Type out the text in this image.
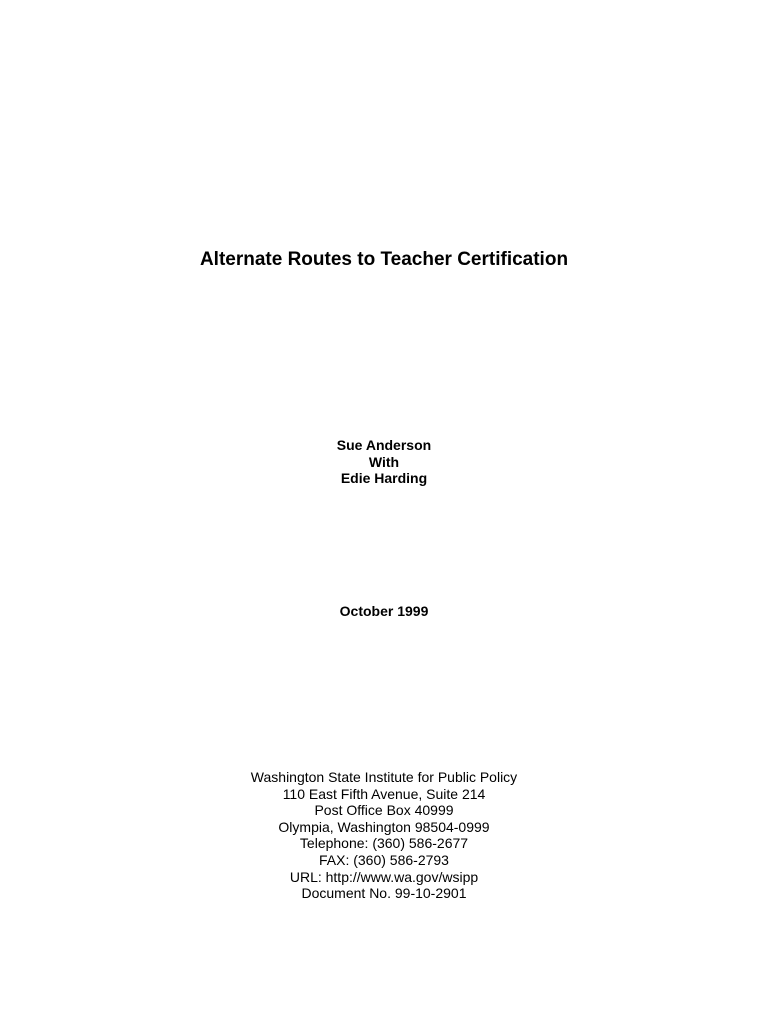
Alternate Routes to Teacher Certification
Sue Anderson
With
Edie Harding
October 1999
Washington State Institute for Public Policy
110 East Fifth Avenue, Suite 214
Post Office Box 40999
Olympia, Washington 98504-0999
Telephone: (360) 586-2677
FAX: (360) 586-2793
URL: http://www.wa.gov/wsipp
Document No. 99-10-2901
